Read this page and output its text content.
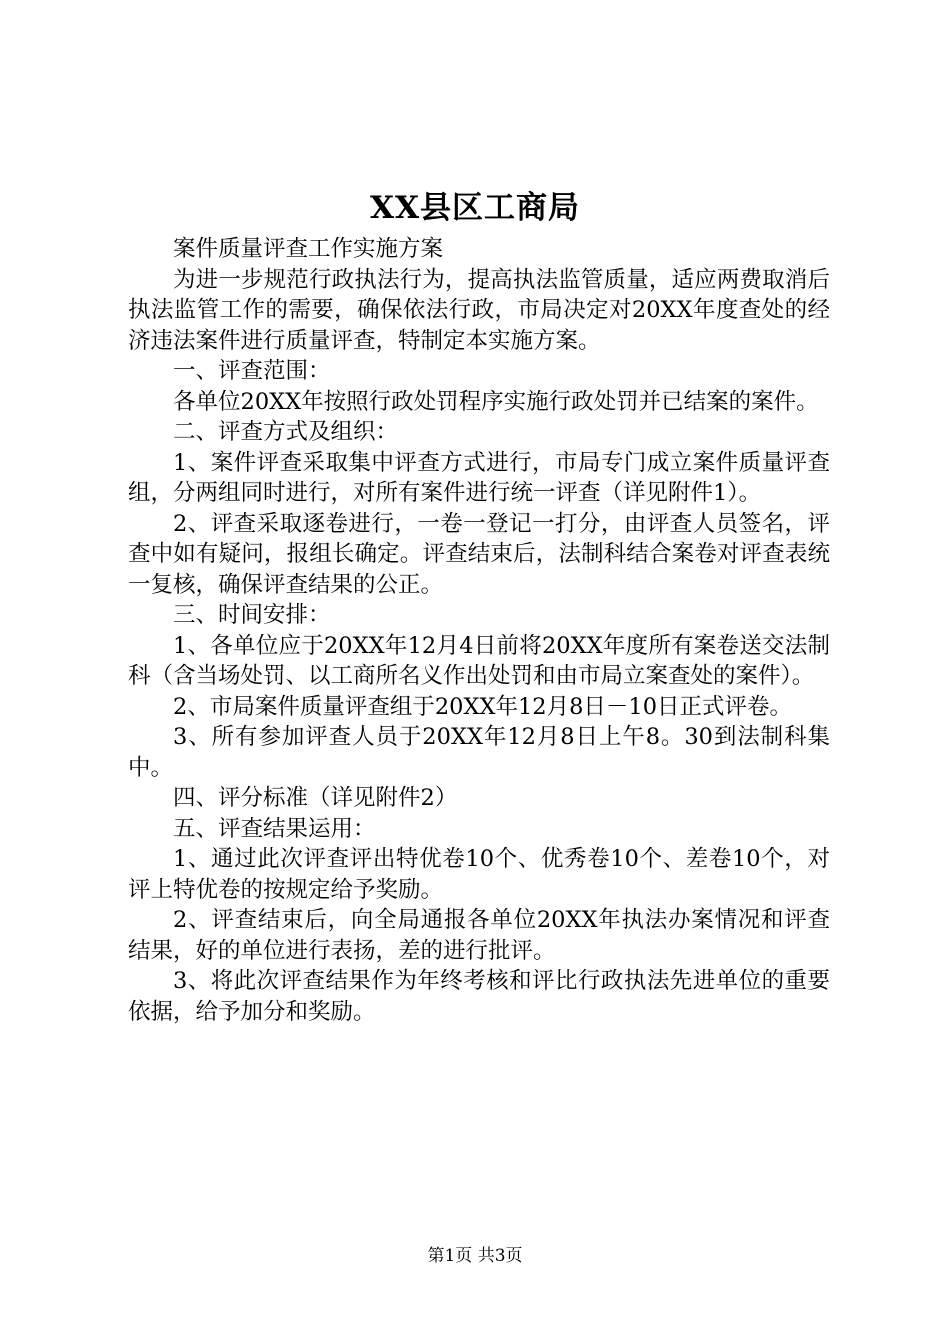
XX县区工商局

案件质量评查工作实施方案

为进一步规范行政执法行为，提高执法监管质量，适应两费取消后执法监管工作的需要，确保依法行政，市局决定对20XX年度查处的经济违法案件进行质量评查，特制定本实施方案。

一、评查范围：

各单位20XX年按照行政处罚程序实施行政处罚并已结案的案件。

二、评查方式及组织：

1、案件评查采取集中评查方式进行，市局专门成立案件质量评查组，分两组同时进行，对所有案件进行统一评查（详见附件1）。

2、评查采取逐卷进行，一卷一登记一打分，由评查人员签名，评查中如有疑问，报组长确定。评查结束后，法制科结合案卷对评查表统一复核，确保评查结果的公正。

三、时间安排：

1、各单位应于20XX年12月4日前将20XX年度所有案卷送交法制科（含当场处罚、以工商所名义作出处罚和由市局立案查处的案件）。

2、市局案件质量评查组于20XX年12月8日－10日正式评卷。

3、所有参加评查人员于20XX年12月8日上午8。30到法制科集中。

四、评分标准（详见附件2）

五、评查结果运用：

1、通过此次评查评出特优卷10个、优秀卷10个、差卷10个，对评上特优卷的按规定给予奖励。

2、评查结束后，向全局通报各单位20XX年执法办案情况和评查结果，好的单位进行表扬，差的进行批评。

3、将此次评查结果作为年终考核和评比行政执法先进单位的重要依据，给予加分和奖励。

第1页 共3页
